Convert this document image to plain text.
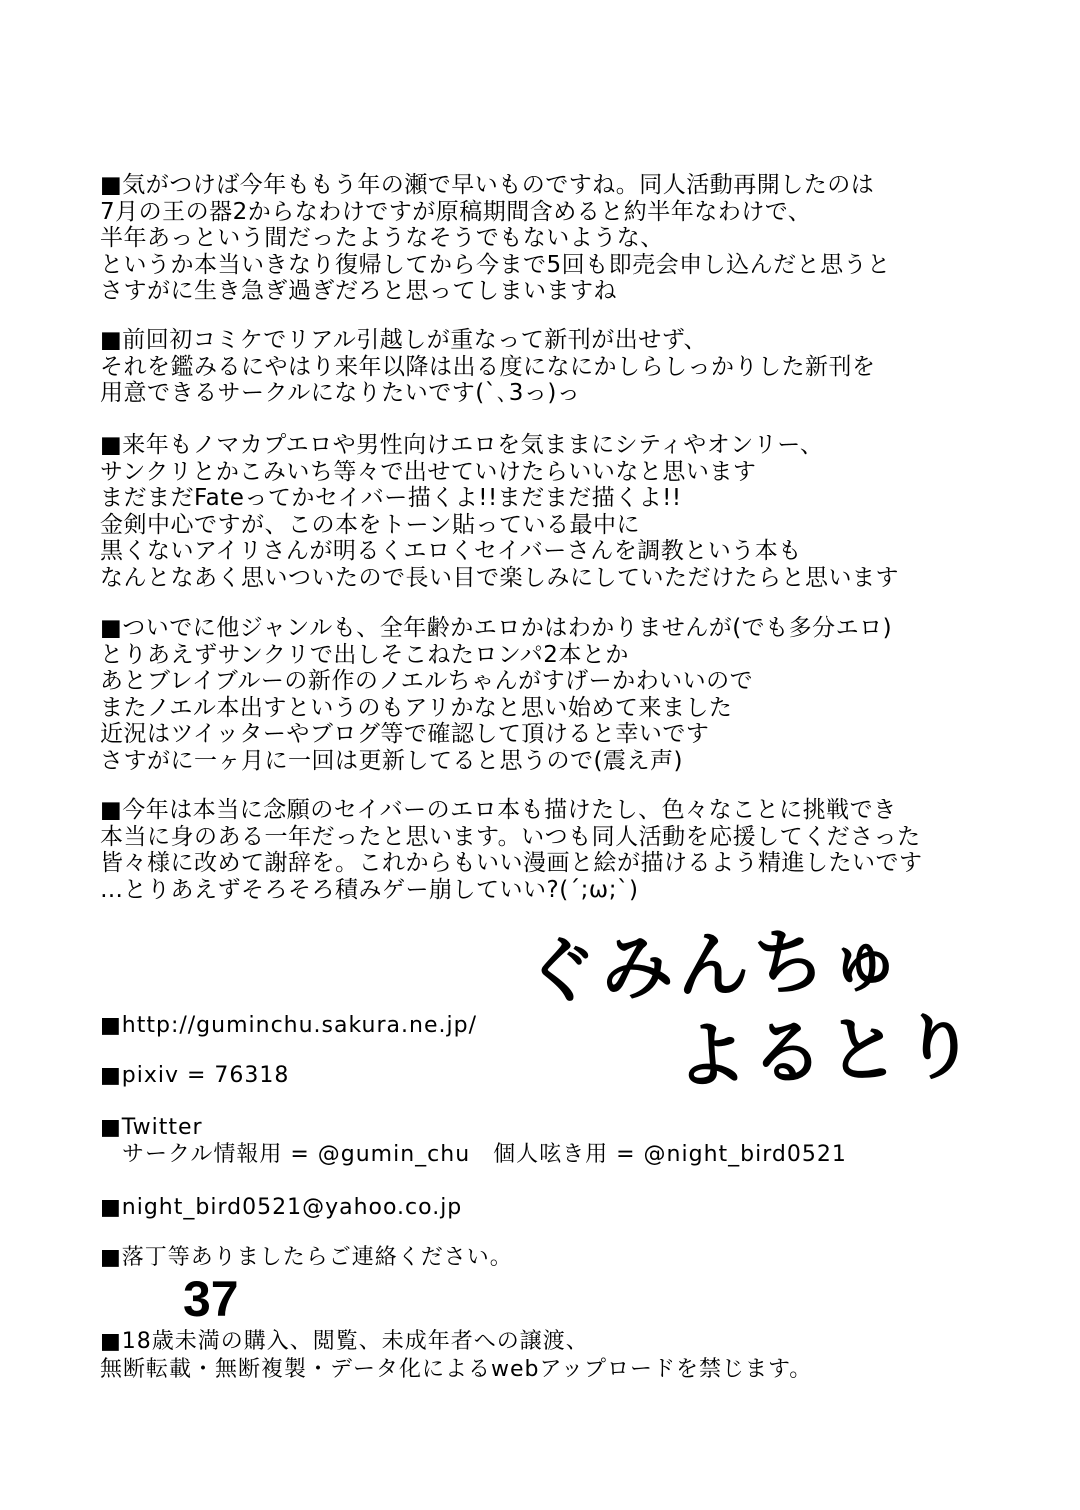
■気がつけば今年ももう年の瀬で早いものですね。同人活動再開したのは
7月の王の器2からなわけですが原稿期間含めると約半年なわけで、
半年あっという間だったようなそうでもないような、
というか本当いきなり復帰してから今まで5回も即売会申し込んだと思うと
さすがに生き急ぎ過ぎだろと思ってしまいますね
■前回初コミケでリアル引越しが重なって新刊が出せず、
それを鑑みるにやはり来年以降は出る度になにかしらしっかりした新刊を
用意できるサークルになりたいです(`､3っ)っ
■来年もノマカプエロや男性向けエロを気ままにシティやオンリー、
サンクリとかこみいち等々で出せていけたらいいなと思います
まだまだFateってかセイバー描くよ!!まだまだ描くよ!!
金剣中心ですが、この本をトーン貼っている最中に
黒くないアイリさんが明るくエロくセイバーさんを調教という本も
なんとなあく思いついたので長い目で楽しみにしていただけたらと思います
■ついでに他ジャンルも、全年齢かエロかはわかりませんが(でも多分エロ)
とりあえずサンクリで出しそこねたロンパ2本とか
あとブレイブルーの新作のノエルちゃんがすげーかわいいので
またノエル本出すというのもアリかなと思い始めて来ました
近況はツイッターやブログ等で確認して頂けると幸いです
さすがに一ヶ月に一回は更新してると思うので(震え声)
■今年は本当に念願のセイバーのエロ本も描けたし、色々なことに挑戦でき
本当に身のある一年だったと思います。いつも同人活動を応援してくださった
皆々様に改めて謝辞を。これからもいい漫画と絵が描けるよう精進したいです
…とりあえずそろそろ積みゲー崩していい?(´;ω;`)
ぐみんちゅ
よるとり
■http://guminchu.sakura.ne.jp/
■pixiv = 76318
■Twitter
サークル情報用 = @gumin_chu　個人呟き用 = @night_bird0521
■night_bird0521@yahoo.co.jp
■落丁等ありましたらご連絡ください。
37
■18歳未満の購入、閲覧、未成年者への譲渡、
無断転載・無断複製・データ化によるwebアップロードを禁じます。
